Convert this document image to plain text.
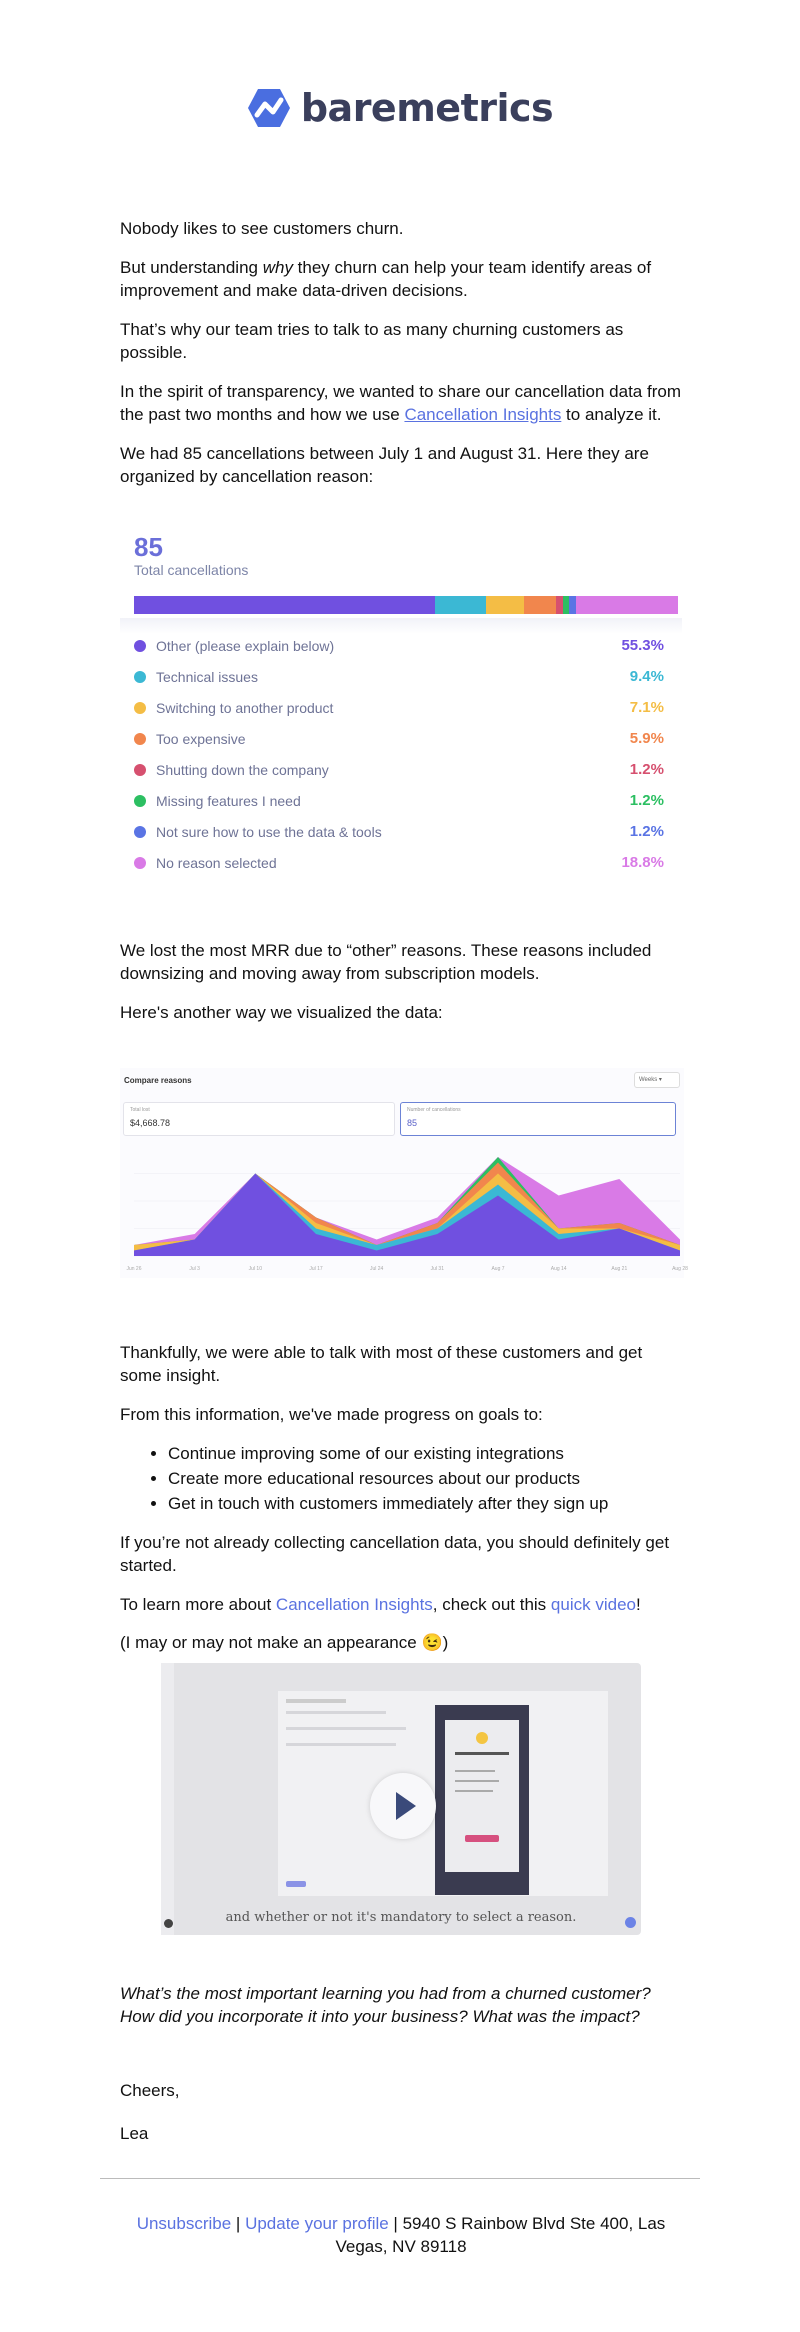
baremetrics

Nobody likes to see customers churn.

But understanding why they churn can help your team identify areas of improvement and make data-driven decisions.

That’s why our team tries to talk to as many churning customers as possible.

In the spirit of transparency, we wanted to share our cancellation data from the past two months and how we use Cancellation Insights to analyze it.

We had 85 cancellations between July 1 and August 31. Here they are organized by cancellation reason:

85
Total cancellations
Other (please explain below)	55.3%
Technical issues	9.4%
Switching to another product	7.1%
Too expensive	5.9%
Shutting down the company	1.2%
Missing features I need	1.2%
Not sure how to use the data & tools	1.2%
No reason selected	18.8%

We lost the most MRR due to “other” reasons. These reasons included downsizing and moving away from subscription models.

Here's another way we visualized the data:

Compare reasons	Weeks ▾
Total lost
$4,668.78
Number of cancellations
85
Jun 26	Jul 3	Jul 10	Jul 17	Jul 24	Jul 31	Aug 7	Aug 14	Aug 21	Aug 28

Thankfully, we were able to talk with most of these customers and get some insight.

From this information, we've made progress on goals to:

• Continue improving some of our existing integrations
• Create more educational resources about our products
• Get in touch with customers immediately after they sign up

If you’re not already collecting cancellation data, you should definitely get started.

To learn more about Cancellation Insights, check out this quick video!

(I may or may not make an appearance 😉)

and whether or not it's mandatory to select a reason.

What’s the most important learning you had from a churned customer? How did you incorporate it into your business? What was the impact?

Cheers,

Lea

Unsubscribe | Update your profile | 5940 S Rainbow Blvd Ste 400, Las Vegas, NV 89118
